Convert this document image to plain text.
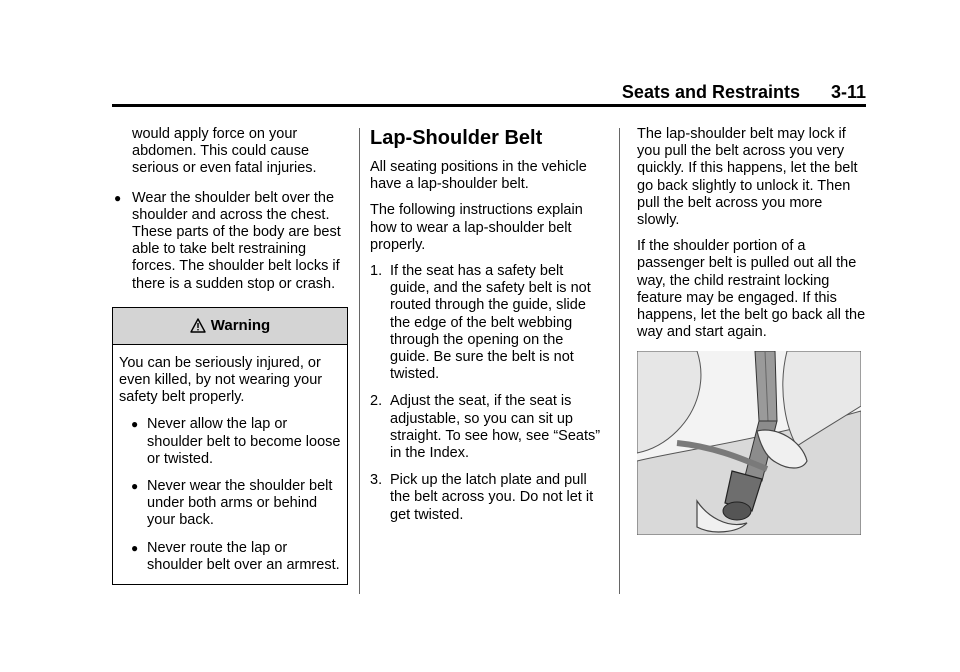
Seats and Restraints 3-11

would apply force on your abdomen. This could cause serious or even fatal injuries.

● Wear the shoulder belt over the shoulder and across the chest. These parts of the body are best able to take belt restraining forces. The shoulder belt locks if there is a sudden stop or crash.
Warning

You can be seriously injured, or even killed, by not wearing your safety belt properly.

● Never allow the lap or shoulder belt to become loose or twisted.
● Never wear the shoulder belt under both arms or behind your back.
● Never route the lap or shoulder belt over an armrest.
Lap-Shoulder Belt

All seating positions in the vehicle have a lap-shoulder belt.

The following instructions explain how to wear a lap-shoulder belt properly.

1. If the seat has a safety belt guide, and the safety belt is not routed through the guide, slide the edge of the belt webbing through the opening on the guide. Be sure the belt is not twisted.
2. Adjust the seat, if the seat is adjustable, so you can sit up straight. To see how, see “Seats” in the Index.
3. Pick up the latch plate and pull the belt across you. Do not let it get twisted.

The lap-shoulder belt may lock if you pull the belt across you very quickly. If this happens, let the belt go back slightly to unlock it. Then pull the belt across you more slowly.

If the shoulder portion of a passenger belt is pulled out all the way, the child restraint locking feature may be engaged. If this happens, let the belt go back all the way and start again.
